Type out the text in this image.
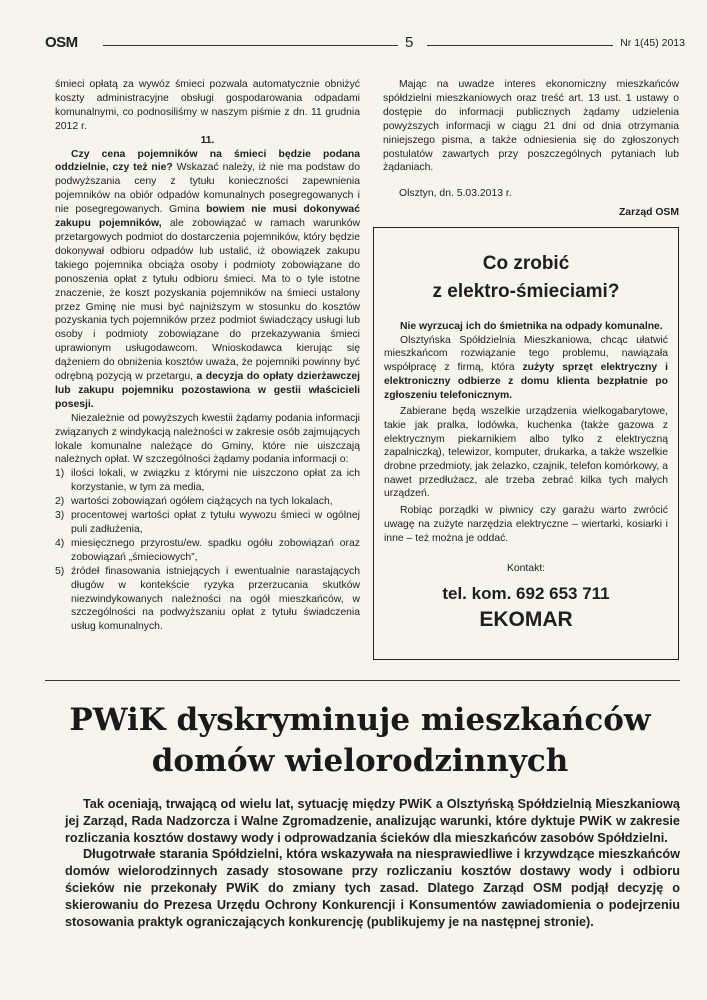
OSM	5	Nr 1(45) 2013

śmieci opłatą za wywóz śmieci pozwala automatycznie obniżyć koszty administracyjne obsługi gospodarowania odpadami komunalnymi, co podnosiliśmy w naszym piśmie z dn. 11 grudnia 2012 r.

11.

Czy cena pojemników na śmieci będzie podana oddzielnie, czy też nie? Wskazać należy, iż nie ma podstaw do podwyższania ceny z tytułu konieczności zapewnienia pojemników na obiór odpadów komunalnych posegregowanych i nie posegregowanych. Gmina bowiem nie musi dokonywać zakupu pojemników, ale zobowiązać w ramach warunków przetargowych podmiot do dostarczenia pojemników, który będzie dokonywał odbioru odpadów lub ustalić, iż obowiązek zakupu takiego pojemnika obciąża osoby i podmioty zobowiązane do ponoszenia opłat z tytułu odbioru śmieci. Ma to o tyle istotne znaczenie, że koszt pozyskania pojemników na śmieci ustalony przez Gminę nie musi być najniższym w stosunku do kosztów pozyskania tych pojemników przez podmiot świadczący usługi lub osoby i podmioty zobowiązane do przekazywania śmieci uprawionym usługodawcom. Wnioskodawca kierując się dążeniem do obniżenia kosztów uważa, że pojemniki powinny być odrębną pozycją w przetargu, a decyzja do opłaty dzierżawczej lub zakupu pojemniku pozostawiona w gestii właścicieli posesji.

Niezależnie od powyższych kwestii żądamy podania informacji związanych z windykacją należności w zakresie osób zajmujących lokale komunalne należące do Gminy, które nie uiszczają należnych opłat. W szczególności żądamy podania informacji o:

1) ilości lokali, w związku z którymi nie uiszczono opłat za ich korzystanie, w tym za media,
2) wartości zobowiązań ogółem ciążących na tych lokalach,
3) procentowej wartości opłat z tytułu wywozu śmieci w ogólnej puli zadłużenia,
4) miesięcznego przyrostu/ew. spadku ogółu zobowiązań oraz zobowiązań „śmieciowych”,
5) źródeł finasowania istniejących i ewentualnie narastających długów w kontekście ryzyka przerzucania skutków niezwindykowanych należności na ogół mieszkańców, w szczególności na podwyższaniu opłat z tytułu świadczenia usług komunalnych.

Mając na uwadze interes ekonomiczny mieszkańców spółdzielni mieszkaniowych oraz treść art. 13 ust. 1 ustawy o dostępie do informacji publicznych żądamy udzielenia powyższych informacji w ciągu 21 dni od dnia otrzymania niniejszego pisma, a także odniesienia się do zgłoszonych postulatów zawartych przy poszczególnych pytaniach lub żądaniach.

Olsztyn, dn. 5.03.2013 r.

Zarząd OSM

Co zrobić
z elektro-śmieciami?

Nie wyrzucaj ich do śmietnika na odpady komunalne.

Olsztyńska Spółdzielnia Mieszkaniowa, chcąc ułatwić mieszkańcom rozwiązanie tego problemu, nawiązała współpracę z firmą, która zużyty sprzęt elektryczny i elektroniczny odbierze z domu klienta bezpłatnie po zgłoszeniu telefonicznym.

Zabierane będą wszelkie urządzenia wielkogabarytowe, takie jak pralka, lodówka, kuchenka (także gazowa z elektrycznym piekarnikiem albo tylko z elektryczną zapalniczką), telewizor, komputer, drukarka, a także wszelkie drobne przedmioty, jak żelazko, czajnik, telefon komórkowy, a nawet przedłużacz, ale trzeba zebrać kilka tych małych urządzeń.

Robiąc porządki w piwnicy czy garażu warto zwrócić uwagę na zużyte narzędzia elektryczne – wiertarki, kosiarki i inne – też można je oddać.

Kontakt:

tel. kom. 692 653 711

EKOMAR

PWiK dyskryminuje mieszkańców
domów wielorodzinnych

Tak oceniają, trwającą od wielu lat, sytuację między PWiK a Olsztyńską Spółdzielnią Mieszkaniową jej Zarząd, Rada Nadzorcza i Walne Zgromadzenie, analizując warunki, które dyktuje PWiK w zakresie rozliczania kosztów dostawy wody i odprowadzania ścieków dla mieszkańców zasobów Spółdzielni.

Długotrwałe starania Spółdzielni, która wskazywała na niesprawiedliwe i krzywdzące mieszkańców domów wielorodzinnych zasady stosowane przy rozliczaniu kosztów dostawy wody i odbioru ścieków nie przekonały PWiK do zmiany tych zasad. Dlatego Zarząd OSM podjął decyzję o skierowaniu do Prezesa Urzędu Ochrony Konkurencji i Konsumentów zawiadomienia o podejrzeniu stosowania praktyk ograniczających konkurencję (publikujemy je na następnej stronie).
